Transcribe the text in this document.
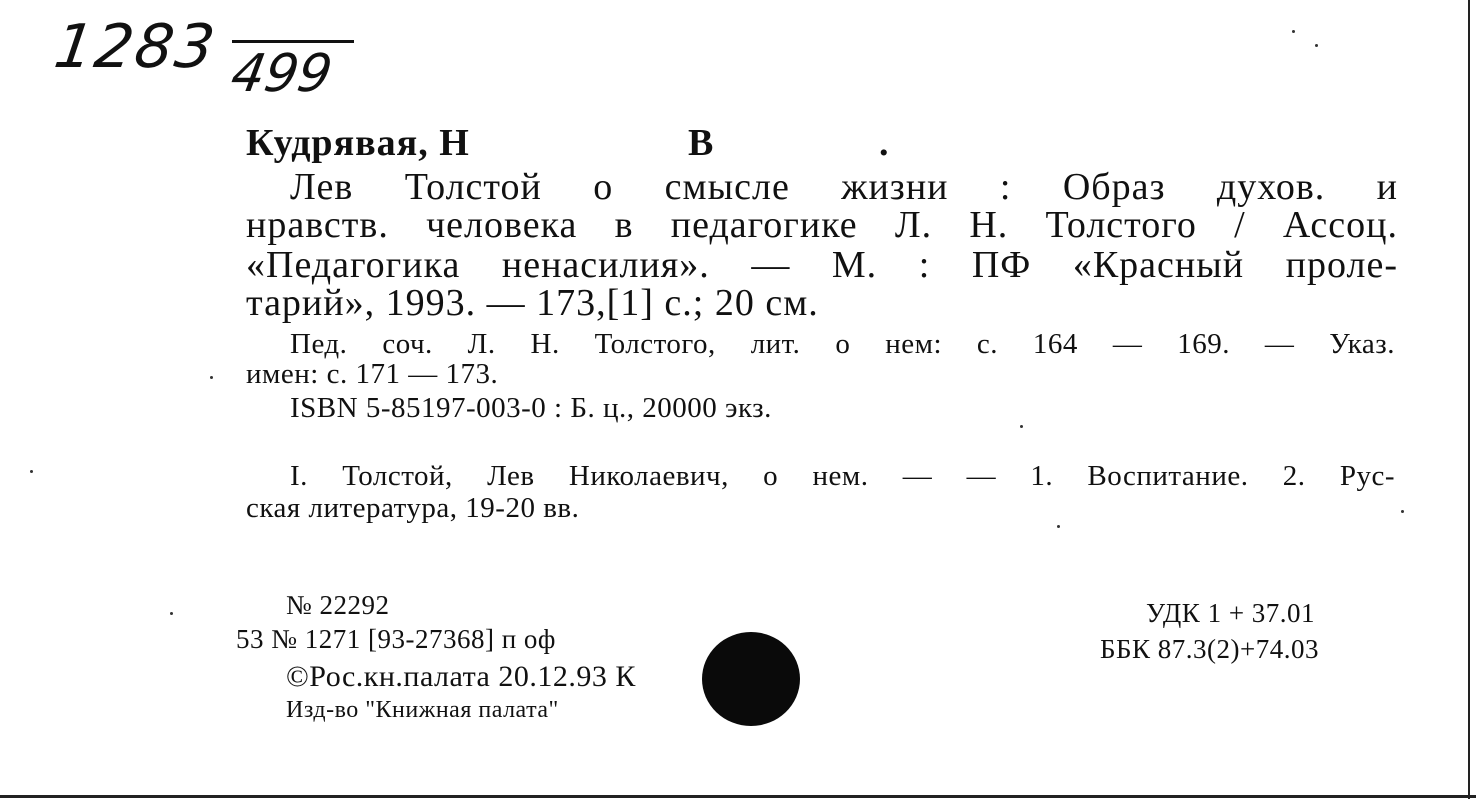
1283 499
Кудрявая, Н	В	.
Лев Толстой о смысле жизни : Образ духов. и
нравств. человека в педагогике Л. Н. Толстого / Ассоц.
«Педагогика ненасилия». — М. : ПФ «Красный проле-
тарий», 1993. — 173,[1] с.; 20 см.
Пед. соч. Л. Н. Толстого, лит. о нем: с. 164 — 169. — Указ.
имен: с. 171 — 173.
ISBN 5-85197-003-0 : Б. ц., 20000 экз.
I. Толстой, Лев Николаевич, о нем. — — 1. Воспитание. 2. Рус-
ская литература, 19-20 вв.
№ 22292
53 № 1271 [93-27368] п оф
©Рос.кн.палата 20.12.93 К
Изд-во "Книжная палата"
УДК 1 + 37.01
ББК 87.3(2)+74.03
